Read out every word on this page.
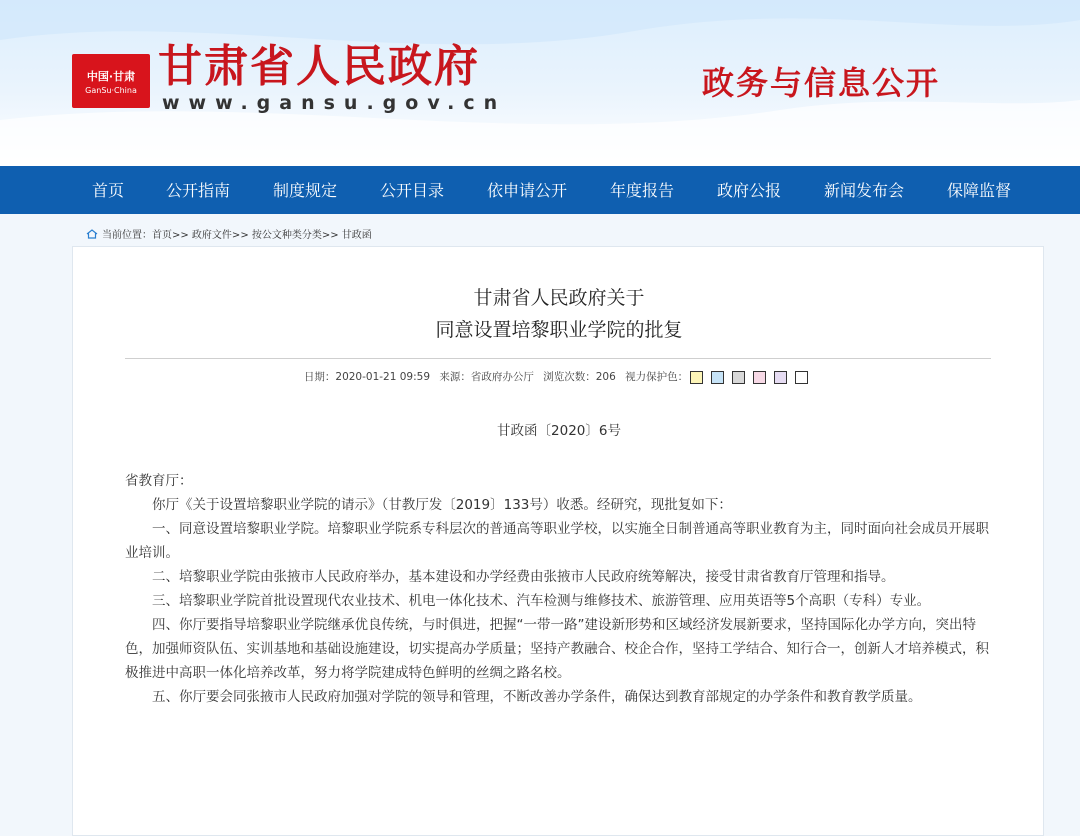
中国·甘肃
GanSu·China 甘肃省人民政府
www.gansu.gov.cn
政务与信息公开
首页	公开指南	制度规定	公开目录	依申请公开	年度报告	政府公报	新闻发布会	保障监督
当前位置：首页>> 政府文件>> 按公文种类分类>> 甘政函
甘肃省人民政府关于
同意设置培黎职业学院的批复
日期：2020-01-21 09:59 来源：省政府办公厅 浏览次数：206 视力保护色：
甘政函〔2020〕6号

省教育厅：

你厅《关于设置培黎职业学院的请示》（甘教厅发〔2019〕133号）收悉。经研究，现批复如下：

一、同意设置培黎职业学院。培黎职业学院系专科层次的普通高等职业学校，以实施全日制普通高等职业教育为主，同时面向社会成员开展职业培训。

二、培黎职业学院由张掖市人民政府举办，基本建设和办学经费由张掖市人民政府统筹解决，接受甘肃省教育厅管理和指导。

三、培黎职业学院首批设置现代农业技术、机电一体化技术、汽车检测与维修技术、旅游管理、应用英语等5个高职（专科）专业。

四、你厅要指导培黎职业学院继承优良传统，与时俱进，把握“一带一路”建设新形势和区域经济发展新要求，坚持国际化办学方向，突出特色，加强师资队伍、实训基地和基础设施建设，切实提高办学质量；坚持产教融合、校企合作，坚持工学结合、知行合一，创新人才培养模式，积极推进中高职一体化培养改革，努力将学院建成特色鲜明的丝绸之路名校。

五、你厅要会同张掖市人民政府加强对学院的领导和管理，不断改善办学条件，确保达到教育部规定的办学条件和教育教学质量。
